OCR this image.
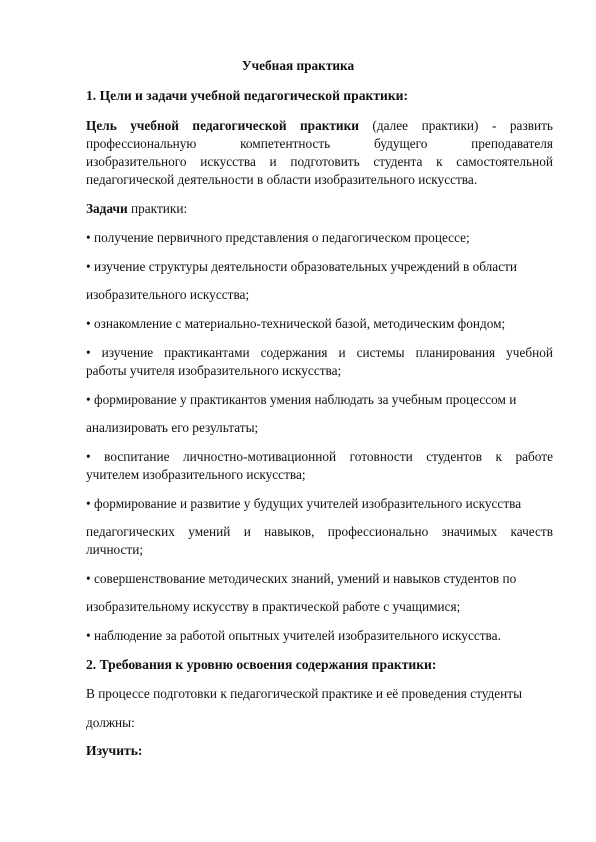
Учебная практика
1. Цели и задачи учебной педагогической практики:
Цель учебной педагогической практики (далее практики) - развить
профессиональную компетентность будущего преподавателя
изобразительного искусства и подготовить студента к самостоятельной
педагогической деятельности в области изобразительного искусства.
Задачи практики:
• получение первичного представления о педагогическом процессе;
• изучение структуры деятельности образовательных учреждений в области
изобразительного искусства;
• ознакомление с материально-технической базой, методическим фондом;
• изучение практикантами содержания и системы планирования учебной
работы учителя изобразительного искусства;
• формирование у практикантов умения наблюдать за учебным процессом и
анализировать его результаты;
• воспитание личностно-мотивационной готовности студентов к работе
учителем изобразительного искусства;
• формирование и развитие у будущих учителей изобразительного искусства
педагогических умений и навыков, профессионально значимых качеств
личности;
• совершенствование методических знаний, умений и навыков студентов по
изобразительному искусству в практической работе с учащимися;
• наблюдение за работой опытных учителей изобразительного искусства.
2. Требования к уровню освоения содержания практики:
В процессе подготовки к педагогической практике и её проведения студенты
должны:
Изучить:
